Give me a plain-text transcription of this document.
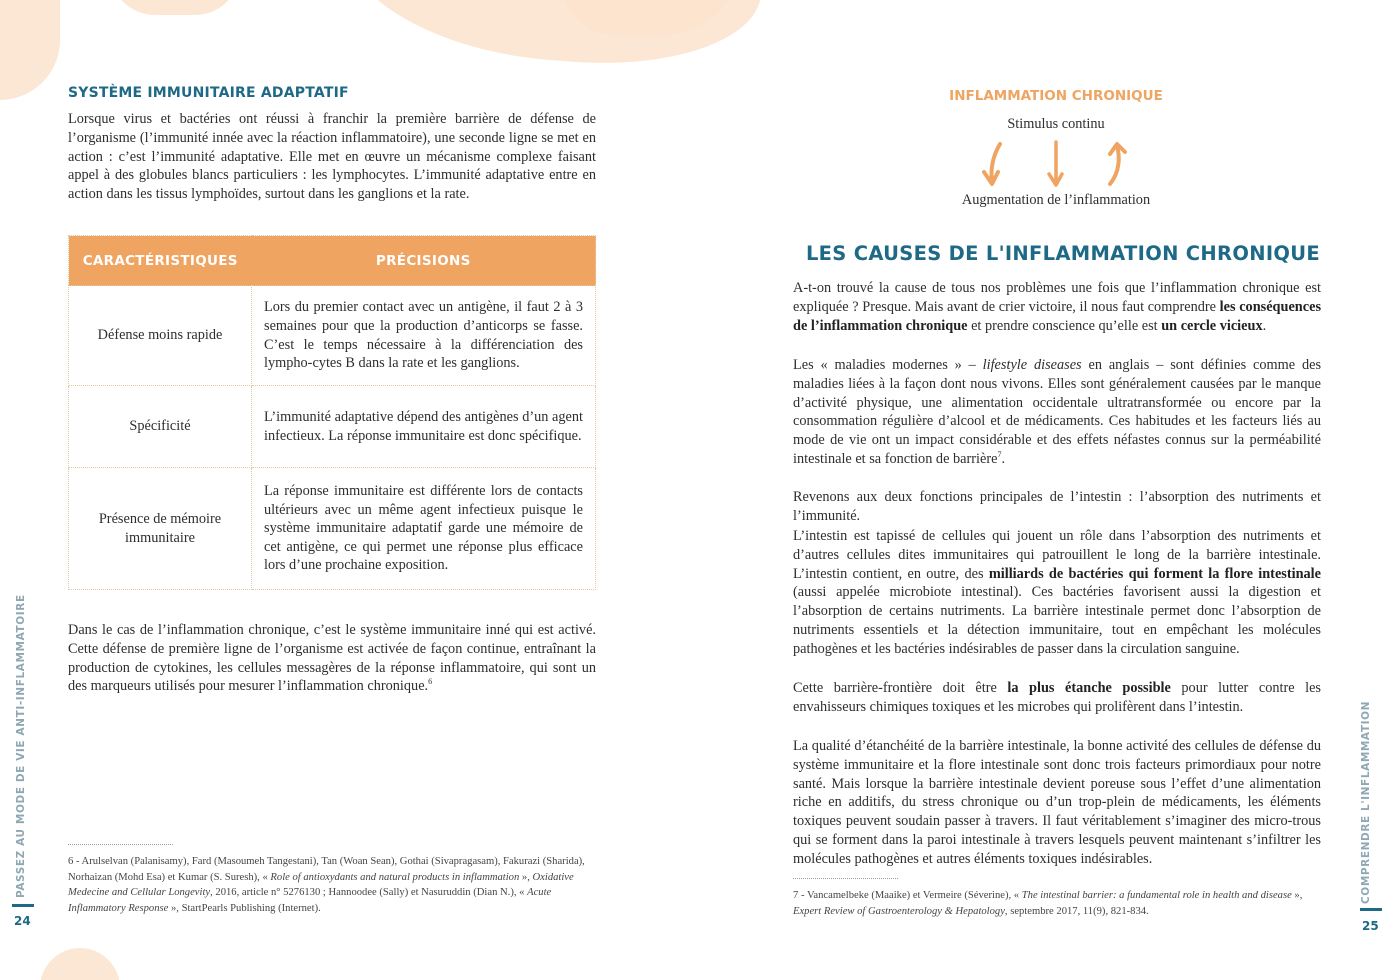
SYSTÈME IMMUNITAIRE ADAPTATIF

Lorsque virus et bactéries ont réussi à franchir la première barrière de défense de l’organisme (l’immunité innée avec la réaction inflammatoire), une seconde ligne se met en action : c’est l’immunité adaptative. Elle met en œuvre un mécanisme complexe faisant appel à des globules blancs particuliers : les lymphocytes. L’immunité adaptative entre en action dans les tissus lymphoïdes, surtout dans les ganglions et la rate.

CARACTÉRISTIQUES	PRÉCISIONS
Défense moins rapide	Lors du premier contact avec un antigène, il faut 2 à 3 semaines pour que la production d’anticorps se fasse. C’est le temps nécessaire à la différenciation des lympho-cytes B dans la rate et les ganglions.
Spécificité	L’immunité adaptative dépend des antigènes d’un agent infectieux. La réponse immunitaire est donc spécifique.
Présence de mémoire immunitaire	La réponse immunitaire est différente lors de contacts ultérieurs avec un même agent infectieux puisque le système immunitaire adaptatif garde une mémoire de cet antigène, ce qui permet une réponse plus efficace lors d’une prochaine exposition.

Dans le cas de l’inflammation chronique, c’est le système immunitaire inné qui est activé. Cette défense de première ligne de l’organisme est activée de façon continue, entraînant la production de cytokines, les cellules messagères de la réponse inflammatoire, qui sont un des marqueurs utilisés pour mesurer l’inflammation chronique.$^6$

6 - Arulselvan (Palanisamy), Fard (Masoumeh Tangestani), Tan (Woan Sean), Gothai (Sivapragasam), Fakurazi (Sharida), Norhaizan (Mohd Esa) et Kumar (S. Suresh), « Role of antioxydants and natural products in inflammation », Oxidative Medecine and Cellular Longevity, 2016, article n° 5276130 ; Hannoodee (Sally) et Nasuruddin (Dian N.), « Acute Inflammatory Response », StartPearls Publishing (Internet).

PASSEZ AU MODE DE VIE ANTI-INFLAMMATOIRE
24
INFLAMMATION CHRONIQUE
Stimulus continu
Augmentation de l’inflammation
LES CAUSES DE L'INFLAMMATION CHRONIQUE

A-t-on trouvé la cause de tous nos problèmes une fois que l’inflammation chronique est expliquée ? Presque. Mais avant de crier victoire, il nous faut comprendre les conséquences de l’inflammation chronique et prendre conscience qu’elle est un cercle vicieux.

Les « maladies modernes » – lifestyle diseases en anglais – sont définies comme des maladies liées à la façon dont nous vivons. Elles sont généralement causées par le manque d’activité physique, une alimentation occidentale ultratransformée ou encore par la consommation régulière d’alcool et de médicaments. Ces habitudes et les facteurs liés au mode de vie ont un impact considérable et des effets néfastes connus sur la perméabilité intestinale et sa fonction de barrière$^7$.

Revenons aux deux fonctions principales de l’intestin : l’absorption des nutriments et l’immunité.

L’intestin est tapissé de cellules qui jouent un rôle dans l’absorption des nutriments et d’autres cellules dites immunitaires qui patrouillent le long de la barrière intestinale. L’intestin contient, en outre, des milliards de bactéries qui forment la flore intestinale (aussi appelée microbiote intestinal). Ces bactéries favorisent aussi la digestion et l’absorption de certains nutriments. La barrière intestinale permet donc l’absorption de nutriments essentiels et la détection immunitaire, tout en empêchant les molécules pathogènes et les bactéries indésirables de passer dans la circulation sanguine.

Cette barrière-frontière doit être la plus étanche possible pour lutter contre les envahisseurs chimiques toxiques et les microbes qui prolifèrent dans l’intestin.

La qualité d’étanchéité de la barrière intestinale, la bonne activité des cellules de défense du système immunitaire et la flore intestinale sont donc trois facteurs primordiaux pour notre santé. Mais lorsque la barrière intestinale devient poreuse sous l’effet d’une alimentation riche en additifs, du stress chronique ou d’un trop-plein de médicaments, les éléments toxiques peuvent soudain passer à travers. Il faut véritablement s’imaginer des micro-trous qui se forment dans la paroi intestinale à travers lesquels peuvent maintenant s’infiltrer les molécules pathogènes et autres éléments toxiques indésirables.

7 - Vancamelbeke (Maaike) et Vermeire (Séverine), « The intestinal barrier: a fundamental role in health and disease », Expert Review of Gastroenterology & Hepatology, septembre 2017, 11(9), 821-834.

COMPRENDRE L'INFLAMMATION
25
